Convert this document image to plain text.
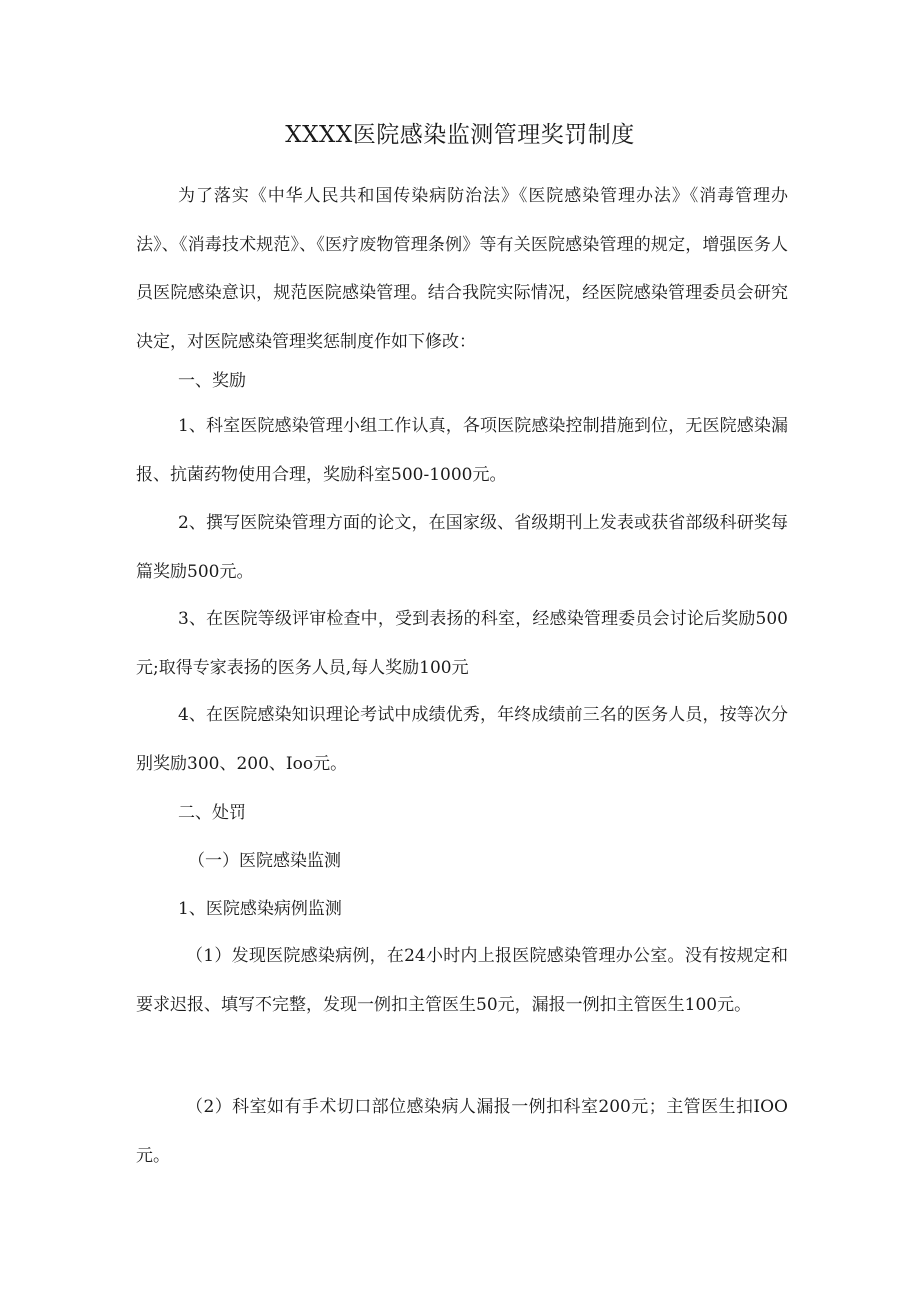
XXXX医院感染监测管理奖罚制度

为了落实《中华人民共和国传染病防治法》《医院感染管理办法》《消毒管理办法》、《消毒技术规范》、《医疗废物管理条例》等有关医院感染管理的规定，增强医务人员医院感染意识，规范医院感染管理。结合我院实际情况，经医院感染管理委员会研究决定，对医院感染管理奖惩制度作如下修改：

一、奖励

1、科室医院感染管理小组工作认真，各项医院感染控制措施到位，无医院感染漏报、抗菌药物使用合理，奖励科室500-1000元。

2、撰写医院染管理方面的论文，在国家级、省级期刊上发表或获省部级科研奖每篇奖励500元。

3、在医院等级评审检查中，受到表扬的科室，经感染管理委员会讨论后奖励500元;取得专家表扬的医务人员,每人奖励100元

4、在医院感染知识理论考试中成绩优秀，年终成绩前三名的医务人员，按等次分别奖励300、200、Ioo元。

二、处罚

（一）医院感染监测

1、医院感染病例监测

（1）发现医院感染病例，在24小时内上报医院感染管理办公室。没有按规定和要求迟报、填写不完整，发现一例扣主管医生50元，漏报一例扣主管医生100元。

（2）科室如有手术切口部位感染病人漏报一例扣科室200元；主管医生扣IOO元。
